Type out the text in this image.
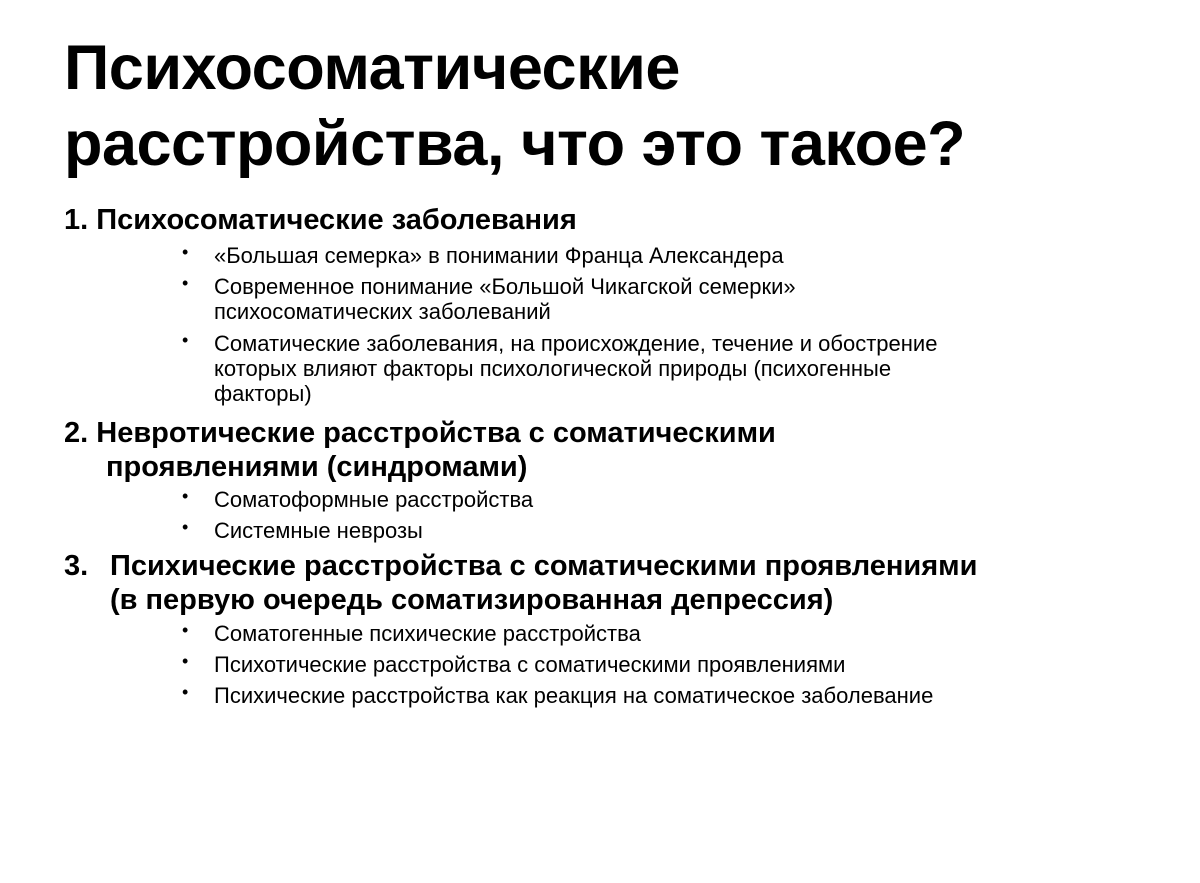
Психосоматические
расстройства, что это такое?

1. Психосоматические заболевания

• «Большая семерка» в понимании Франца Александера
• Современное понимание «Большой Чикагской семерки»
психосоматических заболеваний
• Соматические заболевания, на происхождение, течение и обострение
которых влияют факторы психологической природы (психогенные
факторы)

2. Невротические расстройства с соматическими
проявлениями (синдромами)

• Соматоформные расстройства
• Системные неврозы

3. Психические расстройства с соматическими проявлениями
(в первую очередь соматизированная депрессия)

• Соматогенные психические расстройства
• Психотические расстройства с соматическими проявлениями
• Психические расстройства как реакция на соматическое заболевание
